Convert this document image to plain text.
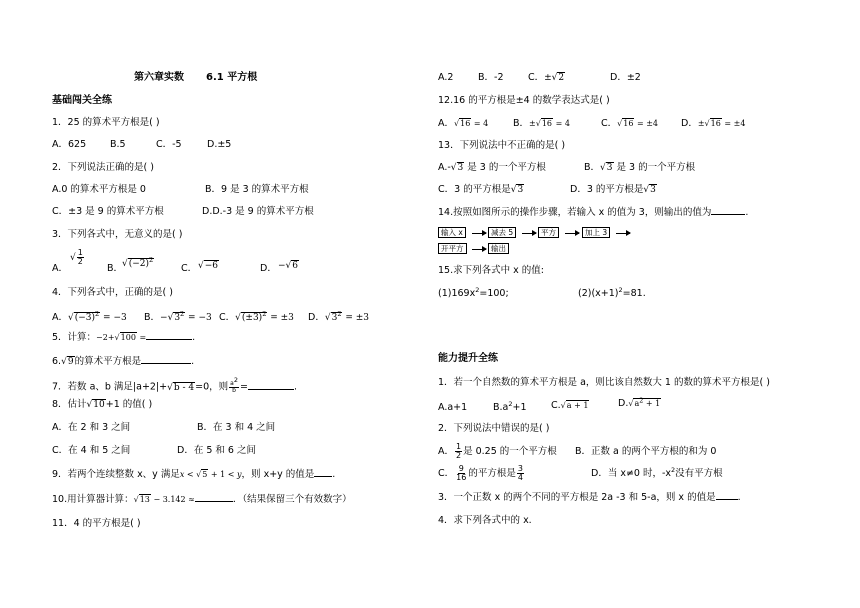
第六章实数 6.1 平方根
基础闯关全练
1．25 的算术平方根是( )
A．625	B.5	C．-5	D.±5
2．下列说法正确的是( )
A.0 的算术平方根是 0	B．9 是 3 的算术平方根
C．±3 是 9 的算术平方根	D.D.-3 是 9 的算术平方根
3．下列各式中，无意义的是( )
A．
√ $\frac{1}{2}$
B．
$√(-2)^2$
C． √−6	D． −√6
4．下列各式中，正确的是( )
A．$√(-3)^2 = -3$ B．$-√3^2 = -3$ C．$√(\pm 3)^2 = \pm 3$ D．$√3^2 = \pm 3$
5．计算：−2+√100 =	.
6.√9的算术平方根是	.
7．若数 a、b 满足|a+2|+√b - 4=0，则 $\frac{a^2}{b}$ =	.
8．估计√10+1 的值( )
A．在 2 和 3 之间	B．在 3 和 4 之间
C．在 4 和 5 之间	D．在 5 和 6 之间
9．若两个连续整数 x、y 满足x < √5 + 1 < y，则 x+y 的值是 .
10.用计算器计算：√13 − 3.142 ≈	．（结果保留三个有效数字）
11．4 的平方根是( )
A.2	B．-2	C．±√2	D．±2
12.16 的平方根是±4 的数学表达式是( )
A．√16 = 4	B．±√16 = 4	C．√16 = ±4 D．±√16 = ±4
13．下列说法中不正确的是( )
A.-√3 是 3 的一个平方根	B．√3 是 3 的一个平方根
C．3 的平方根是√3	D．3 的平方根是√3
14.按照如图所示的操作步骤，若输入 x 的值为 3，则输出的值为	.
输入 x	减去 5	平方	加上 3
开平方	输出
15.求下列各式中 x 的值:
$(1)169x^2=100$;	$(2)(x+1)^2=81$.
能力提升全练
1．若一个自然数的算术平方根是 a，则比该自然数大 1 的数的算术平方根是( )
A.a+1	$B.a^2+1$	C.√a + 1	$D.√a^2 + 1$
2．下列说法中错误的是( )
A． $\frac{1}{2}$ 是 0.25 的一个平方根 B．正数 a 的两个平方根的和为 0
C． $\frac{9}{16}$ 的平方根是 $\frac{3}{4}$	D．当 x≠0 时，$-x^2$没有平方根
3．一个正数 x 的两个不同的平方根是 2a -3 和 5-a，则 x 的值是 .
4．求下列各式中的 x.
